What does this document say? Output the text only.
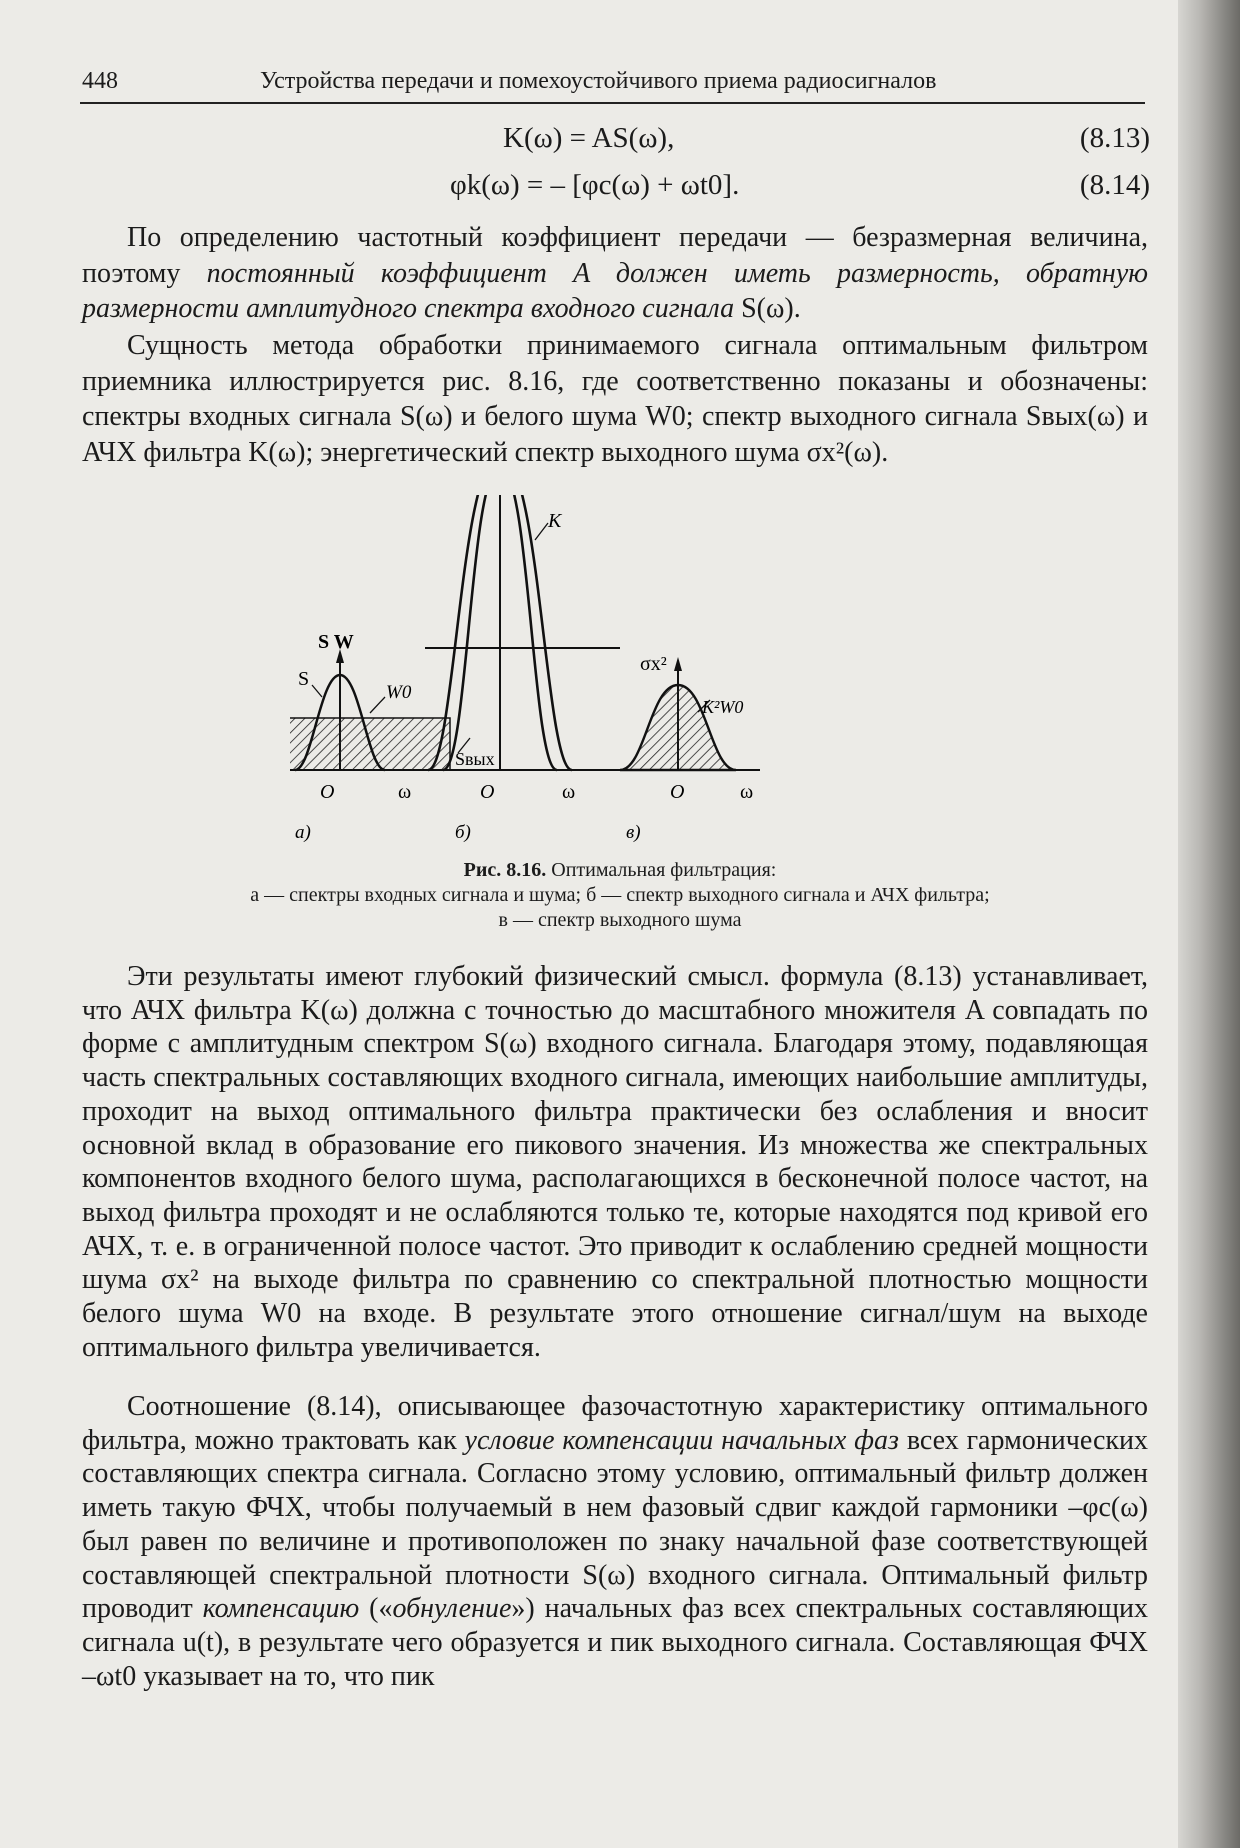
448	Устройства передачи и помехоустойчивого приема радиосигналов
K(ω) = AS(ω),	(8.13)
φk(ω) = – [φc(ω) + ωt0].	(8.14)

По определению частотный коэффициент передачи — безразмерная величина, поэтому постоянный коэффициент A должен иметь размерность, обратную размерности амплитудного спектра входного сигнала S(ω).

Сущность метода обработки принимаемого сигнала оптимальным фильтром приемника иллюстрируется рис. 8.16, где соответственно показаны и обозначены: спектры входных сигнала S(ω) и белого шума W0; спектр выходного сигнала Sвых(ω) и АЧХ фильтра K(ω); энергетический спектр выходного шума σx²(ω).

S W
S
W0
O	ω
а)
K
Sвых
O	ω
б)
σx²
K²W0
O	ω
в)
Рис. 8.16. Оптимальная фильтрация:
а — спектры входных сигнала и шума; б — спектр выходного сигнала и АЧХ фильтра;
в — спектр выходного шума

Эти результаты имеют глубокий физический смысл. формула (8.13) устанавливает, что АЧХ фильтра K(ω) должна с точностью до масштабного множителя A совпадать по форме с амплитудным спектром S(ω) входного сигнала. Благодаря этому, подавляющая часть спектральных составляющих входного сигнала, имеющих наибольшие амплитуды, проходит на выход оптимального фильтра практически без ослабления и вносит основной вклад в образование его пикового значения. Из множества же спектральных компонентов входного белого шума, располагающихся в бесконечной полосе частот, на выход фильтра проходят и не ослабляются только те, которые находятся под кривой его АЧХ, т. е. в ограниченной полосе частот. Это приводит к ослаблению средней мощности шума σx² на выходе фильтра по сравнению со спектральной плотностью мощности белого шума W0 на входе. В результате этого отношение сигнал/шум на выходе оптимального фильтра увеличивается.

Соотношение (8.14), описывающее фазочастотную характеристику оптимального фильтра, можно трактовать как условие компенсации начальных фаз всех гармонических составляющих спектра сигнала. Согласно этому условию, оптимальный фильтр должен иметь такую ФЧХ, чтобы получаемый в нем фазовый сдвиг каждой гармоники –φc(ω) был равен по величине и противоположен по знаку начальной фазе соответствующей составляющей спектральной плотности S(ω) входного сигнала. Оптимальный фильтр проводит компенсацию («обнуление») начальных фаз всех спектральных составляющих сигнала u(t), в результате чего образуется и пик выходного сигнала. Составляющая ФЧХ –ωt0 указывает на то, что пик
